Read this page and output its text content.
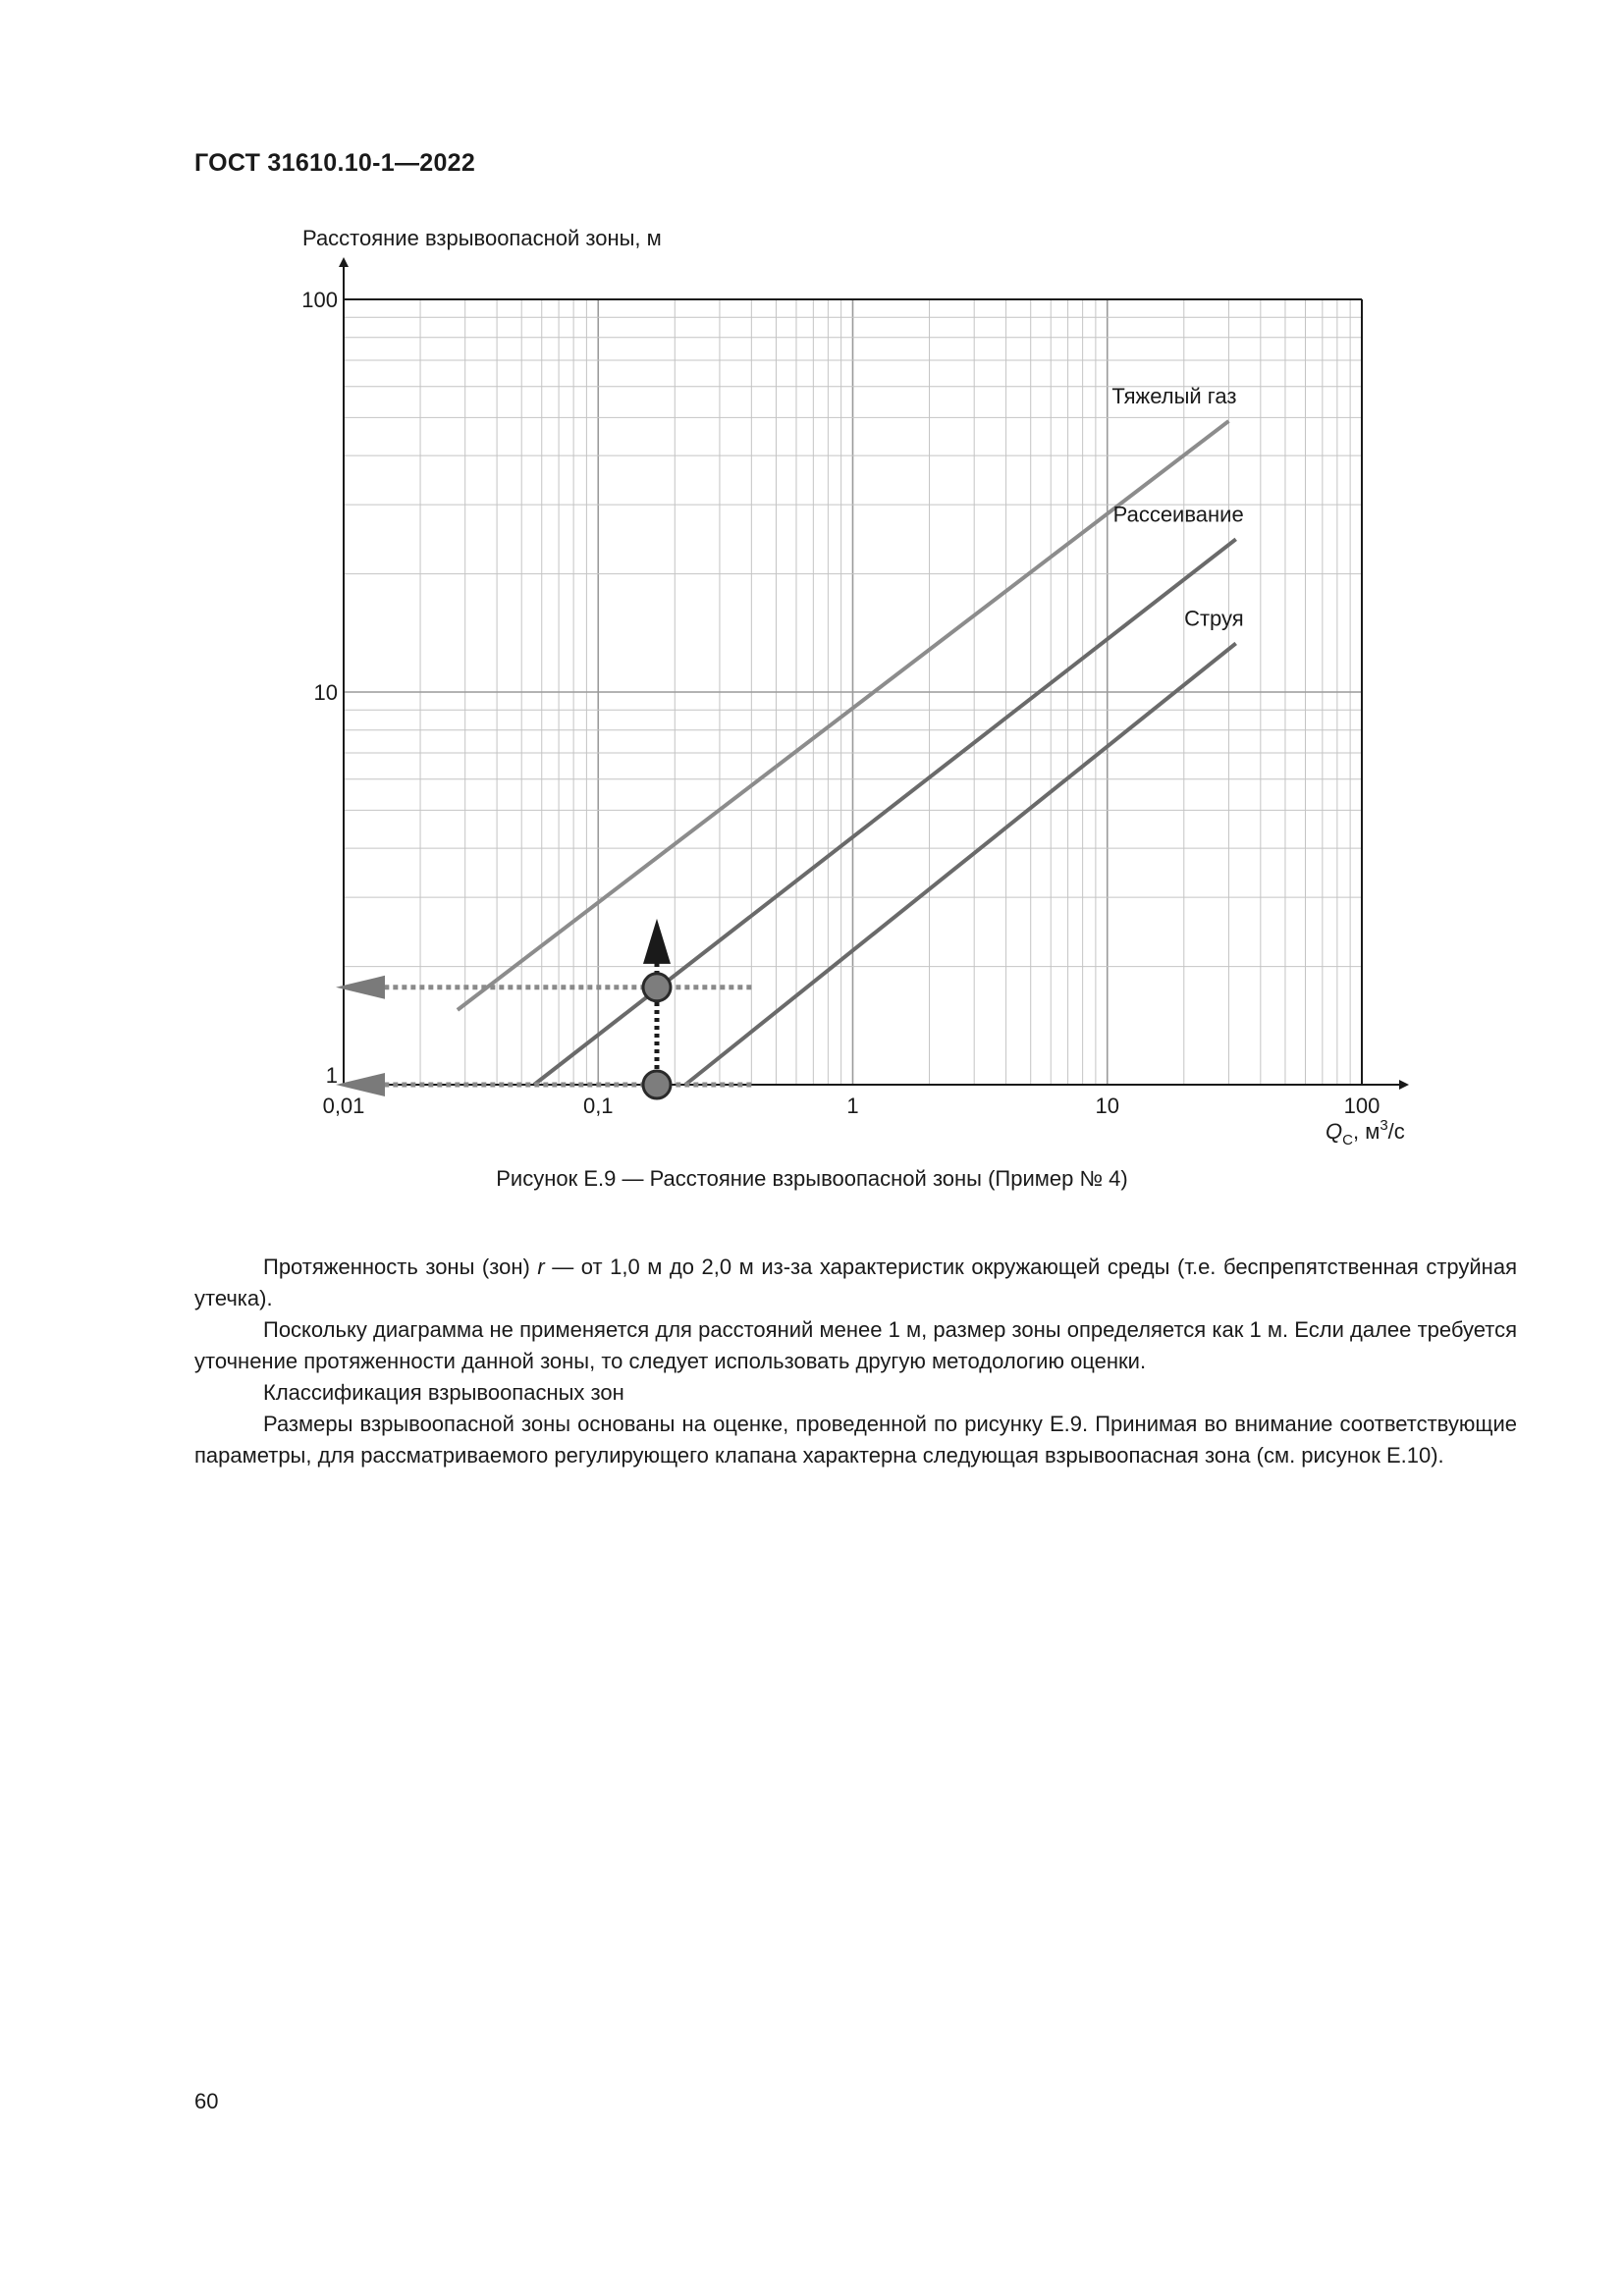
ГОСТ 31610.10-1—2022
0,01	0,1	1	10	100
1
10
100
Тяжелый газ
Рассеивание
Струя
Расстояние взрывоопасной зоны, м
$Q_C$, $м^3/с$
Рисунок Е.9 — Расстояние взрывоопасной зоны (Пример № 4)

Протяженность зоны (зон) r — от 1,0 м до 2,0 м из-за характеристик окружающей среды (т.е. беспрепятственная струйная утечка).

Поскольку диаграмма не применяется для расстояний менее 1 м, размер зоны определяется как 1 м. Если далее требуется уточнение протяженности данной зоны, то следует использовать другую методологию оценки.

Классификация взрывоопасных зон

Размеры взрывоопасной зоны основаны на оценке, проведенной по рисунку Е.9. Принимая во внимание соответствующие параметры, для рассматриваемого регулирующего клапана характерна следующая взрывоопасная зона (см. рисунок Е.10).

60
